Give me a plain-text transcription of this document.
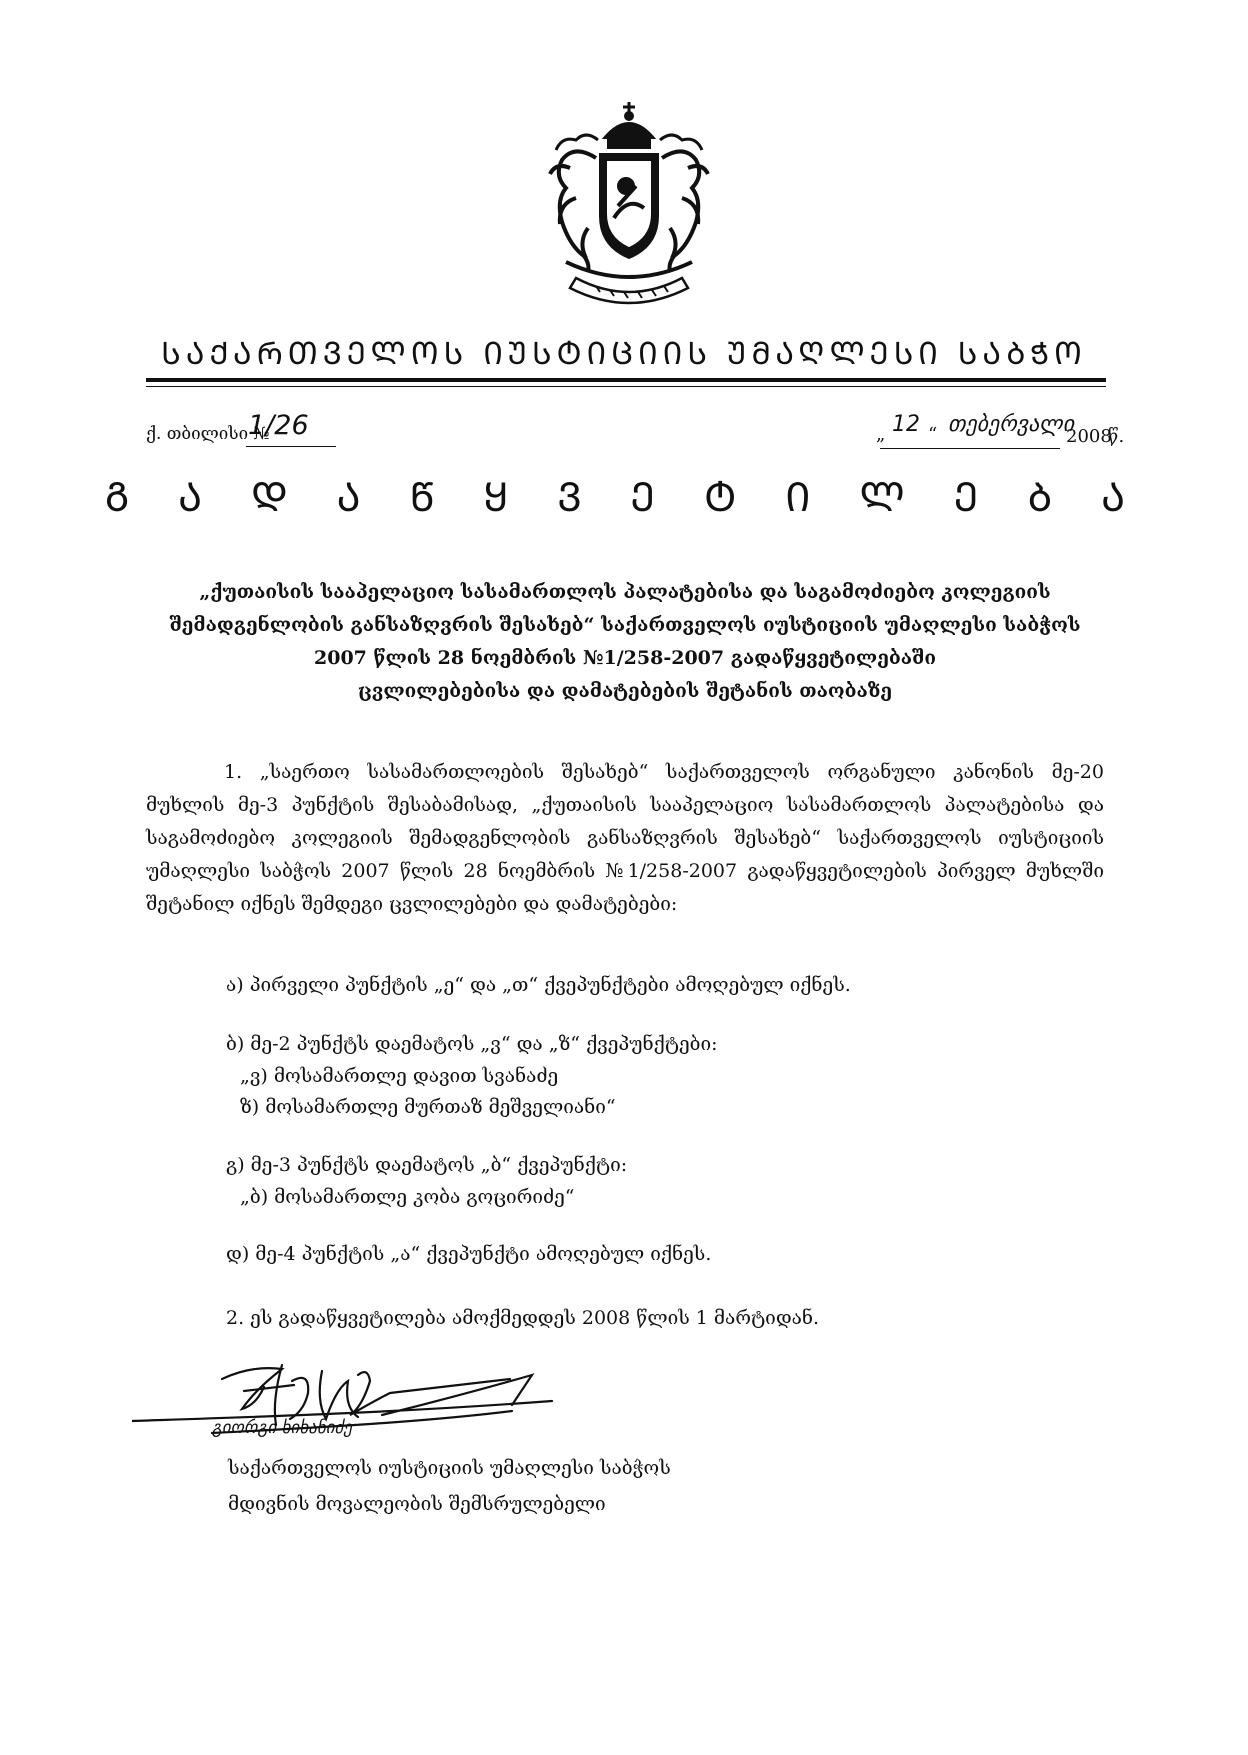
ᲡᲐᲥᲐᲠᲗᲕᲔᲚᲝᲡ ᲘᲣᲡᲢᲘᲪᲘᲘᲡ ᲣᲛᲐᲦᲚᲔᲡᲘ ᲡᲐᲑᲭᲝ
ქ. თბილისი №
1/26	„ 12 “ თებერვალი
2008
წ.
Გ Ა Დ Ა Წ Ყ Ვ Ე Ტ Ი Ლ Ე Ბ Ა
„ქუთაისის სააპელაციო სასამართლოს პალატებისა და საგამოძიებო კოლეგიის
შემადგენლობის განსაზღვრის შესახებ“ საქართველოს იუსტიციის უმაღლესი საბჭოს
2007 წლის 28 ნოემბრის №1/258-2007 გადაწყვეტილებაში
ცვლილებებისა და დამატებების შეტანის თაობაზე

1. „საერთო სასამართლოების შესახებ“ საქართველოს ორგანული კანონის მე-20 მუხლის მე-3 პუნქტის შესაბამისად, „ქუთაისის სააპელაციო სასამართლოს პალატებისა და საგამოძიებო კოლეგიის შემადგენლობის განსაზღვრის შესახებ“ საქართველოს იუსტიციის უმაღლესი საბჭოს 2007 წლის 28 ნოემბრის №1/258-2007 გადაწყვეტილების პირველ მუხლში შეტანილ იქნეს შემდეგი ცვლილებები და დამატებები:

ა) პირველი პუნქტის „ე“ და „თ“ ქვეპუნქტები ამოღებულ იქნეს.

ბ) მე-2 პუნქტს დაემატოს „ვ“ და „ზ“ ქვეპუნქტები:

„ვ) მოსამართლე დავით სვანაძე

ზ) მოსამართლე მურთაზ მეშველიანი“

გ) მე-3 პუნქტს დაემატოს „ბ“ ქვეპუნქტი:

„ბ) მოსამართლე კობა გოცირიძე“

დ) მე-4 პუნქტის „ა“ ქვეპუნქტი ამოღებულ იქნეს.

2. ეს გადაწყვეტილება ამოქმედდეს 2008 წლის 1 მარტიდან.

გიორგი ხიხანიძე
საქართველოს იუსტიციის უმაღლესი საბჭოს
მდივნის მოვალეობის შემსრულებელი
